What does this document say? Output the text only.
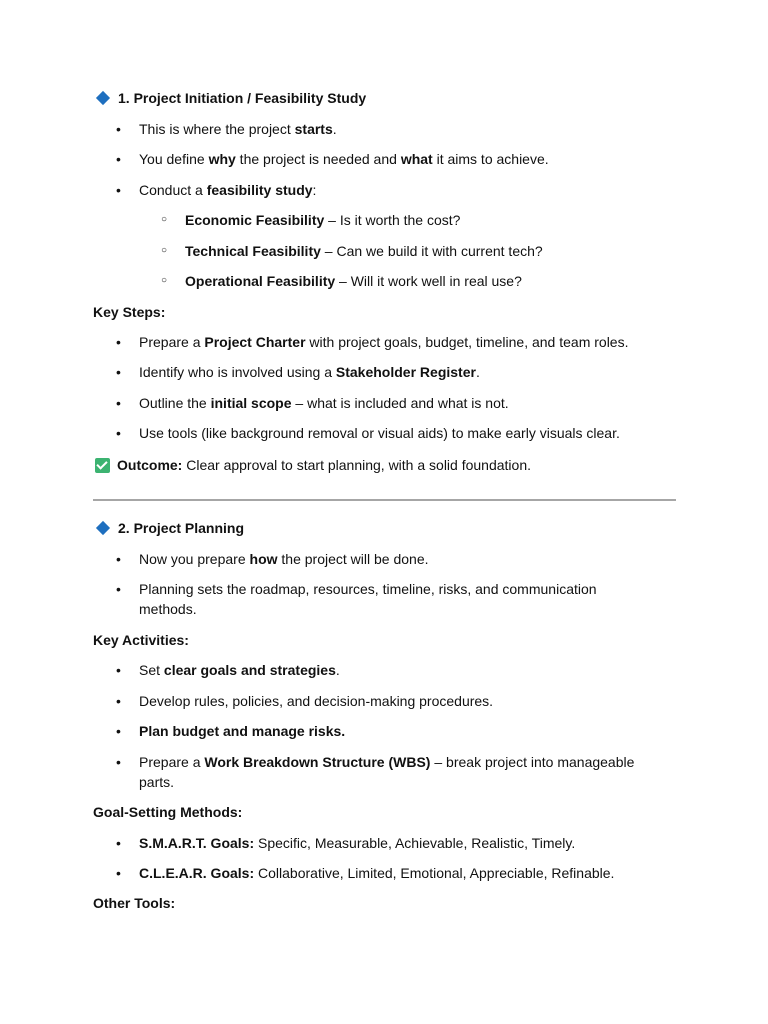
1. Project Initiation / Feasibility Study
• This is where the project starts.
• You define why the project is needed and what it aims to achieve.
• Conduct a feasibility study:
○ Economic Feasibility – Is it worth the cost?
○ Technical Feasibility – Can we build it with current tech?
○ Operational Feasibility – Will it work well in real use?
Key Steps:
• Prepare a Project Charter with project goals, budget, timeline, and team roles.
• Identify who is involved using a Stakeholder Register.
• Outline the initial scope – what is included and what is not.
• Use tools (like background removal or visual aids) to make early visuals clear.
Outcome: Clear approval to start planning, with a solid foundation.
2. Project Planning
• Now you prepare how the project will be done.
• Planning sets the roadmap, resources, timeline, risks, and communication methods.
Key Activities:
• Set clear goals and strategies.
• Develop rules, policies, and decision-making procedures.
• Plan budget and manage risks.
• Prepare a Work Breakdown Structure (WBS) – break project into manageable parts.
Goal-Setting Methods:
• S.M.A.R.T. Goals: Specific, Measurable, Achievable, Realistic, Timely.
• C.L.E.A.R. Goals: Collaborative, Limited, Emotional, Appreciable, Refinable.
Other Tools:
